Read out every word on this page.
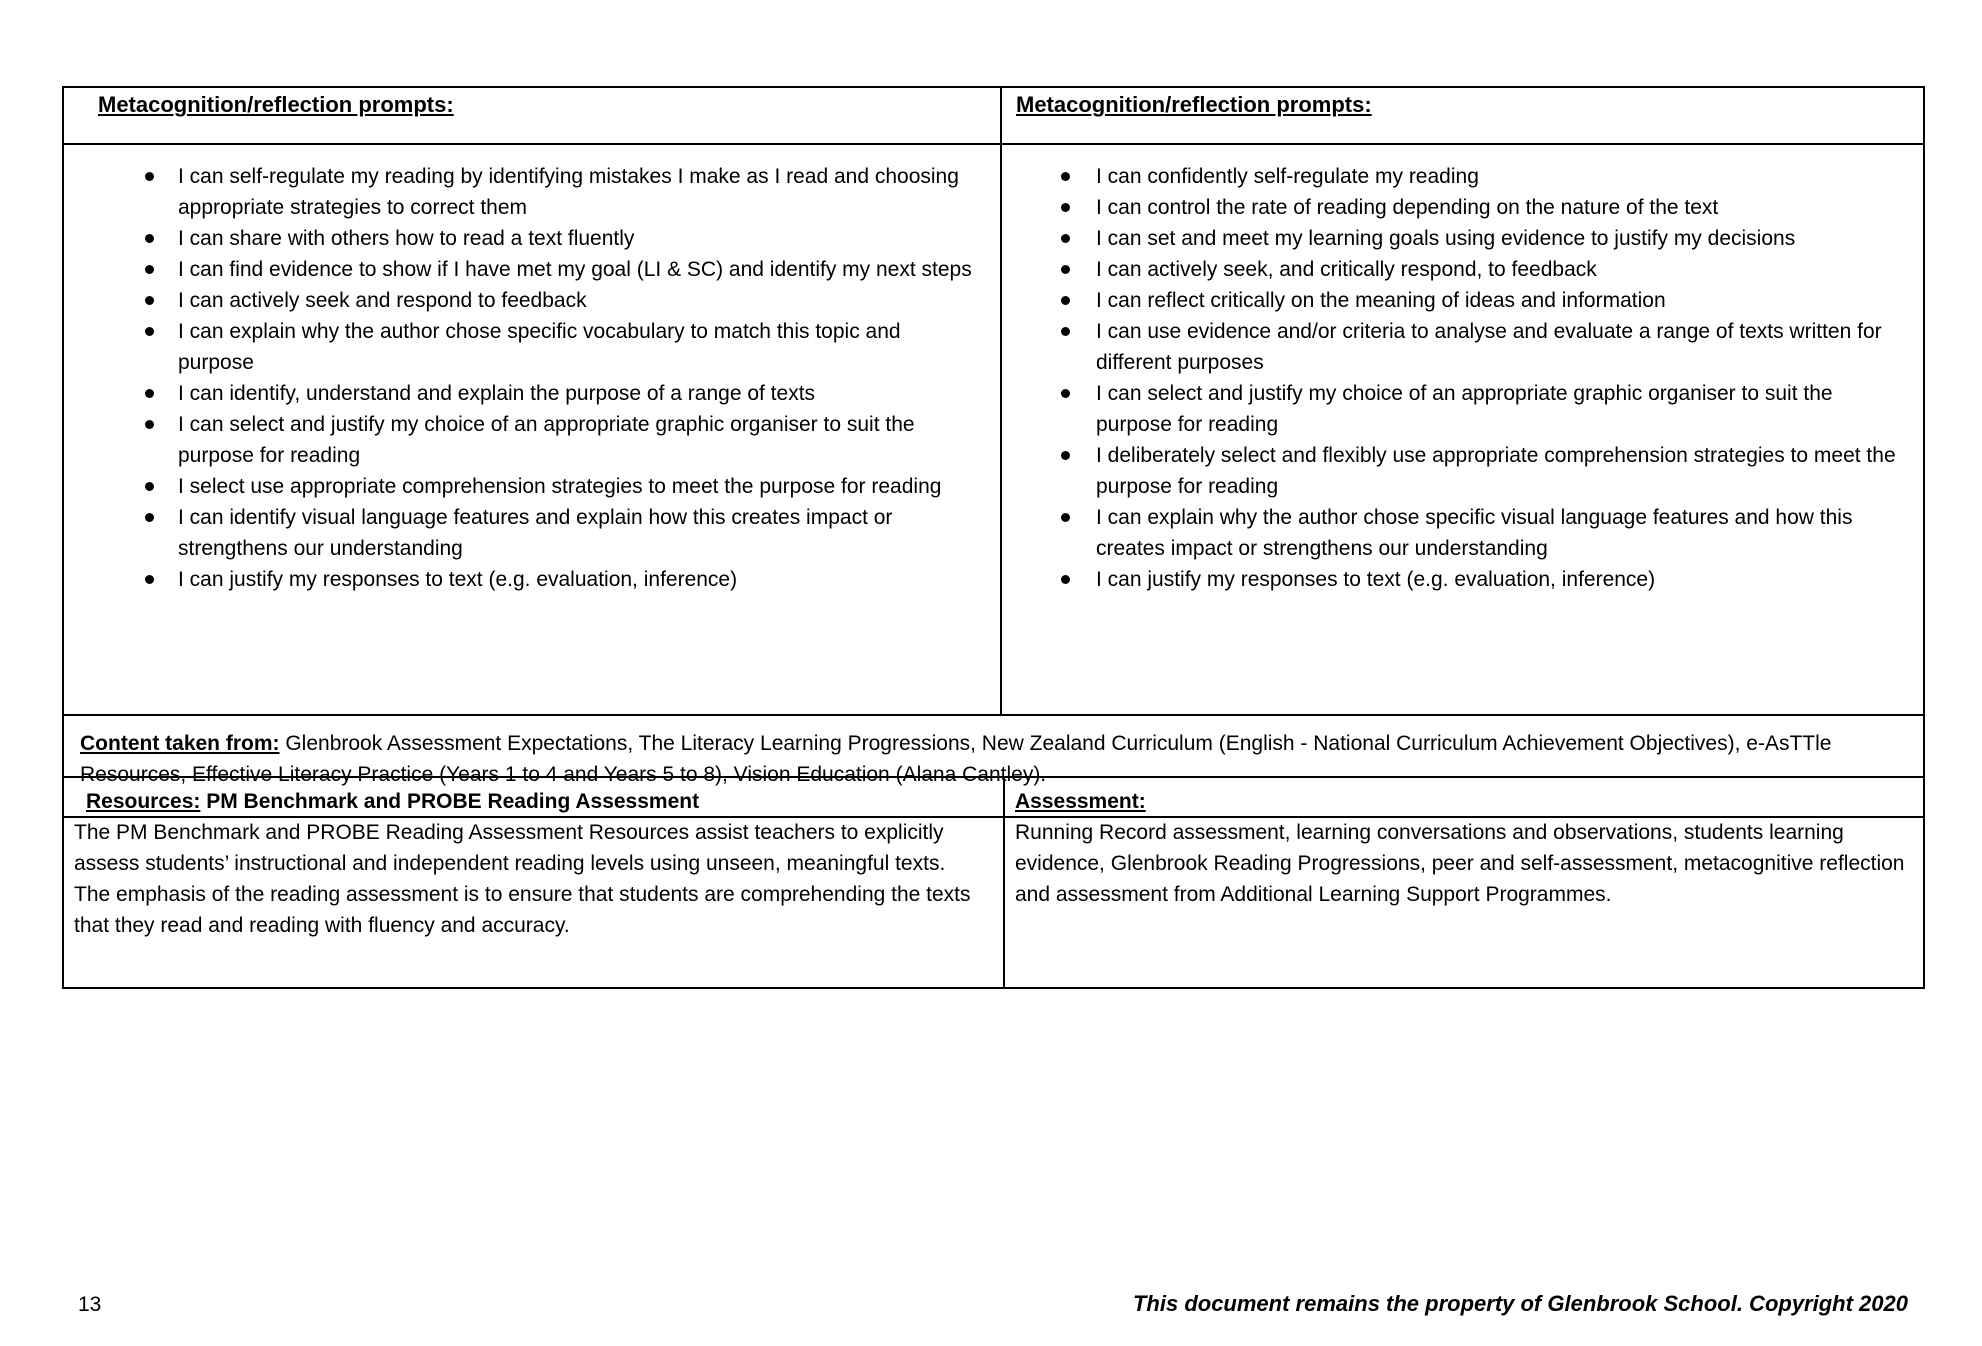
Metacognition/reflection prompts:	Metacognition/reflection prompts:

I can self-regulate my reading by identifying mistakes I make as I read and choosing appropriate strategies to correct them
I can share with others how to read a text fluently
I can find evidence to show if I have met my goal (LI & SC) and identify my next steps
I can actively seek and respond to feedback
I can explain why the author chose specific vocabulary to match this topic and purpose
I can identify, understand and explain the purpose of a range of texts
I can select and justify my choice of an appropriate graphic organiser to suit the purpose for reading
I select use appropriate comprehension strategies to meet the purpose for reading
I can identify visual language features and explain how this creates impact or strengthens our understanding
I can justify my responses to text (e.g. evaluation, inference)

I can confidently self-regulate my reading
I can control the rate of reading depending on the nature of the text
I can set and meet my learning goals using evidence to justify my decisions
I can actively seek, and critically respond, to feedback
I can reflect critically on the meaning of ideas and information
I can use evidence and/or criteria to analyse and evaluate a range of texts written for different purposes
I can select and justify my choice of an appropriate graphic organiser to suit the purpose for reading
I deliberately select and flexibly use appropriate comprehension strategies to meet the purpose for reading
I can explain why the author chose specific visual language features and how this creates impact or strengthens our understanding
I can justify my responses to text (e.g. evaluation, inference)

Content taken from: Glenbrook Assessment Expectations, The Literacy Learning Progressions, New Zealand Curriculum (English - National Curriculum Achievement Objectives), e-AsTTle Resources, Effective Literacy Practice (Years 1 to 4 and Years 5 to 8), Vision Education (Alana Cantley).	
Resources: PM Benchmark and PROBE Reading Assessment
The PM Benchmark and PROBE Reading Assessment Resources assist teachers to explicitly assess students’ instructional and independent reading levels using unseen, meaningful texts. The emphasis of the reading assessment is to ensure that students are comprehending the texts that they read and reading with fluency and accuracy.

Assessment:
Running Record assessment, learning conversations and observations, students learning evidence, Glenbrook Reading Progressions, peer and self-assessment, metacognitive reflection and assessment from Additional Learning Support Programmes.
13	This document remains the property of Glenbrook School. Copyright 2020
